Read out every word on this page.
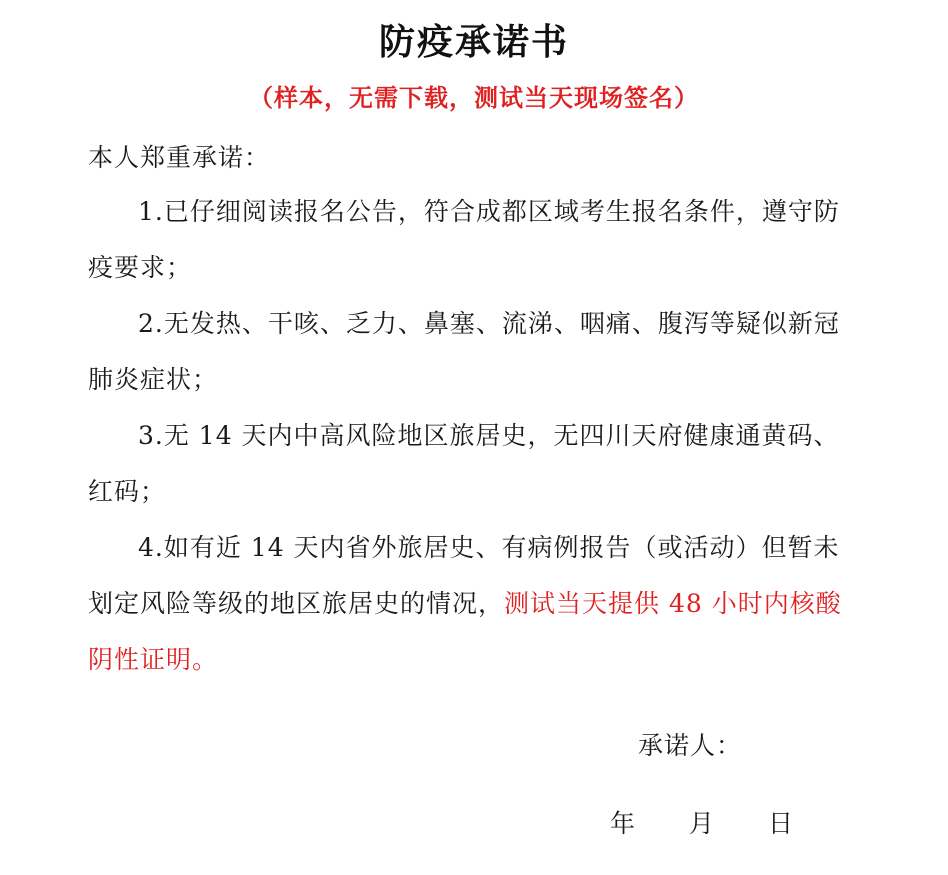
防疫承诺书
（样本，无需下载，测试当天现场签名）
本人郑重承诺：
1.已仔细阅读报名公告，符合成都区域考生报名条件，遵守防疫要求；
2.无发热、干咳、乏力、鼻塞、流涕、咽痛、腹泻等疑似新冠肺炎症状；
3.无 14 天内中高风险地区旅居史，无四川天府健康通黄码、红码；
4.如有近 14 天内省外旅居史、有病例报告（或活动）但暂未划定风险等级的地区旅居史的情况，测试当天提供 48 小时内核酸阴性证明。
承诺人：
年 月 日
